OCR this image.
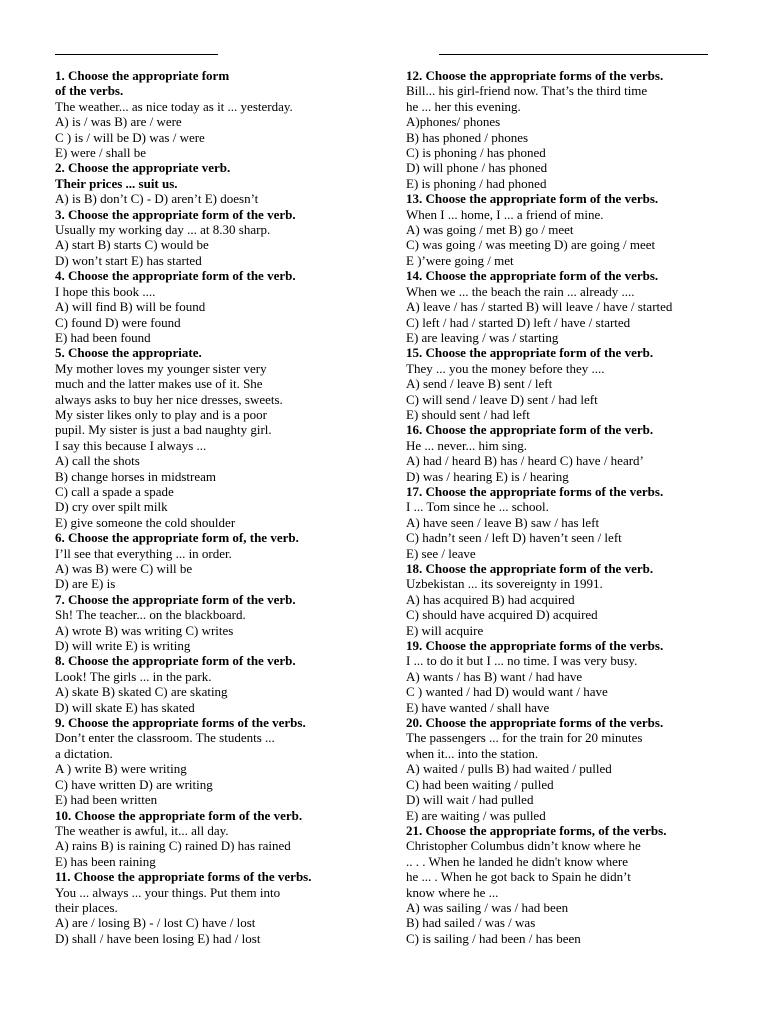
1. Choose the appropriate form
of the verbs.
The weather... as nice today as it ... yesterday.
A) is / was B) are / were
C ) is / will be D) was / were
E) were / shall be
2. Choose the appropriate verb.
Their prices ... suit us.
A) is B) don’t C) - D) aren’t E) doesn’t
3. Choose the appropriate form of the verb.
Usually my working day ... at 8.30 sharp.
A) start B) starts C) would be
D) won’t start E) has started
4. Choose the appropriate form of the verb.
I hope this book ....
A) will find B) will be found
C) found D) were found
E) had been found
5. Choose the appropriate.
My mother loves my younger sister very
much and the latter makes use of it. She
always asks to buy her nice dresses, sweets.
My sister likes only to play and is a poor
pupil. My sister is just a bad naughty girl.
I say this because I always ...
A) call the shots
B) change horses in midstream
C) call a spade a spade
D) cry over spilt milk
E) give someone the cold shoulder
6. Choose the appropriate form of, the verb.
I’ll see that everything ... in order.
A) was B) were C) will be
D) are E) is
7. Choose the appropriate form of the verb.
Sh! The teacher... on the blackboard.
A) wrote B) was writing C) writes
D) will write E) is writing
8. Choose the appropriate form of the verb.
Look! The girls ... in the park.
A) skate B) skated C) are skating
D) will skate E) has skated
9. Choose the appropriate forms of the verbs.
Don’t enter the classroom. The students ...
a dictation.
A ) write B) were writing
C) have written D) are writing
E) had been written
10. Choose the appropriate form of the verb.
The weather is awful, it... all day.
A) rains B) is raining C) rained D) has rained
E) has been raining
11. Choose the appropriate forms of the verbs.
You ... always ... your things. Put them into
their places.
A) are / losing B) - / lost C) have / lost
D) shall / have been losing E) had / lost
12. Choose the appropriate forms of the verbs.
Bill... his girl-friend now. That’s the third time
he ... her this evening.
A)phones/ phones
B) has phoned / phones
C) is phoning / has phoned
D) will phone / has phoned
E) is phoning / had phoned
13. Choose the appropriate form of the verbs.
When I ... home, I ... a friend of mine.
A) was going / met B) go / meet
C) was going / was meeting D) are going / meet
E )’were going / met
14. Choose the appropriate form of the verbs.
When we ... the beach the rain ... already ....
A) leave / has / started B) will leave / have / started
C) left / had / started D) left / have / started
E) are leaving / was / starting
15. Choose the appropriate form of the verb.
They ... you the money before they ....
A) send / leave B) sent / left
C) will send / leave D) sent / had left
E) should sent / had left
16. Choose the appropriate form of the verb.
He ... never... him sing.
A) had / heard B) has / heard C) have / heard’
D) was / hearing E) is / hearing
17. Choose the appropriate forms of the verbs.
I ... Tom since he ... school.
A) have seen / leave B) saw / has left
C) hadn’t seen / left D) haven’t seen / left
E) see / leave
18. Choose the appropriate form of the verb.
Uzbekistan ... its sovereignty in 1991.
A) has acquired B) had acquired
C) should have acquired D) acquired
E) will acquire
19. Choose the appropriate forms of the verbs.
I ... to do it but I ... no time. I was very busy.
A) wants / has B) want / had have
C ) wanted / had D) would want / have
E) have wanted / shall have
20. Choose the appropriate forms of the verbs.
The passengers ... for the train for 20 minutes
when it... into the station.
A) waited / pulls B) had waited / pulled
C) had been waiting / pulled
D) will wait / had pulled
E) are waiting / was pulled
21. Choose the appropriate forms, of the verbs.
Christopher Columbus didn’t know where he
.. . . When he landed he didn't know where
he ... . When he got back to Spain he didn’t
know where he ...
A) was sailing / was / had been
B) had sailed / was / was
C) is sailing / had been / has been
